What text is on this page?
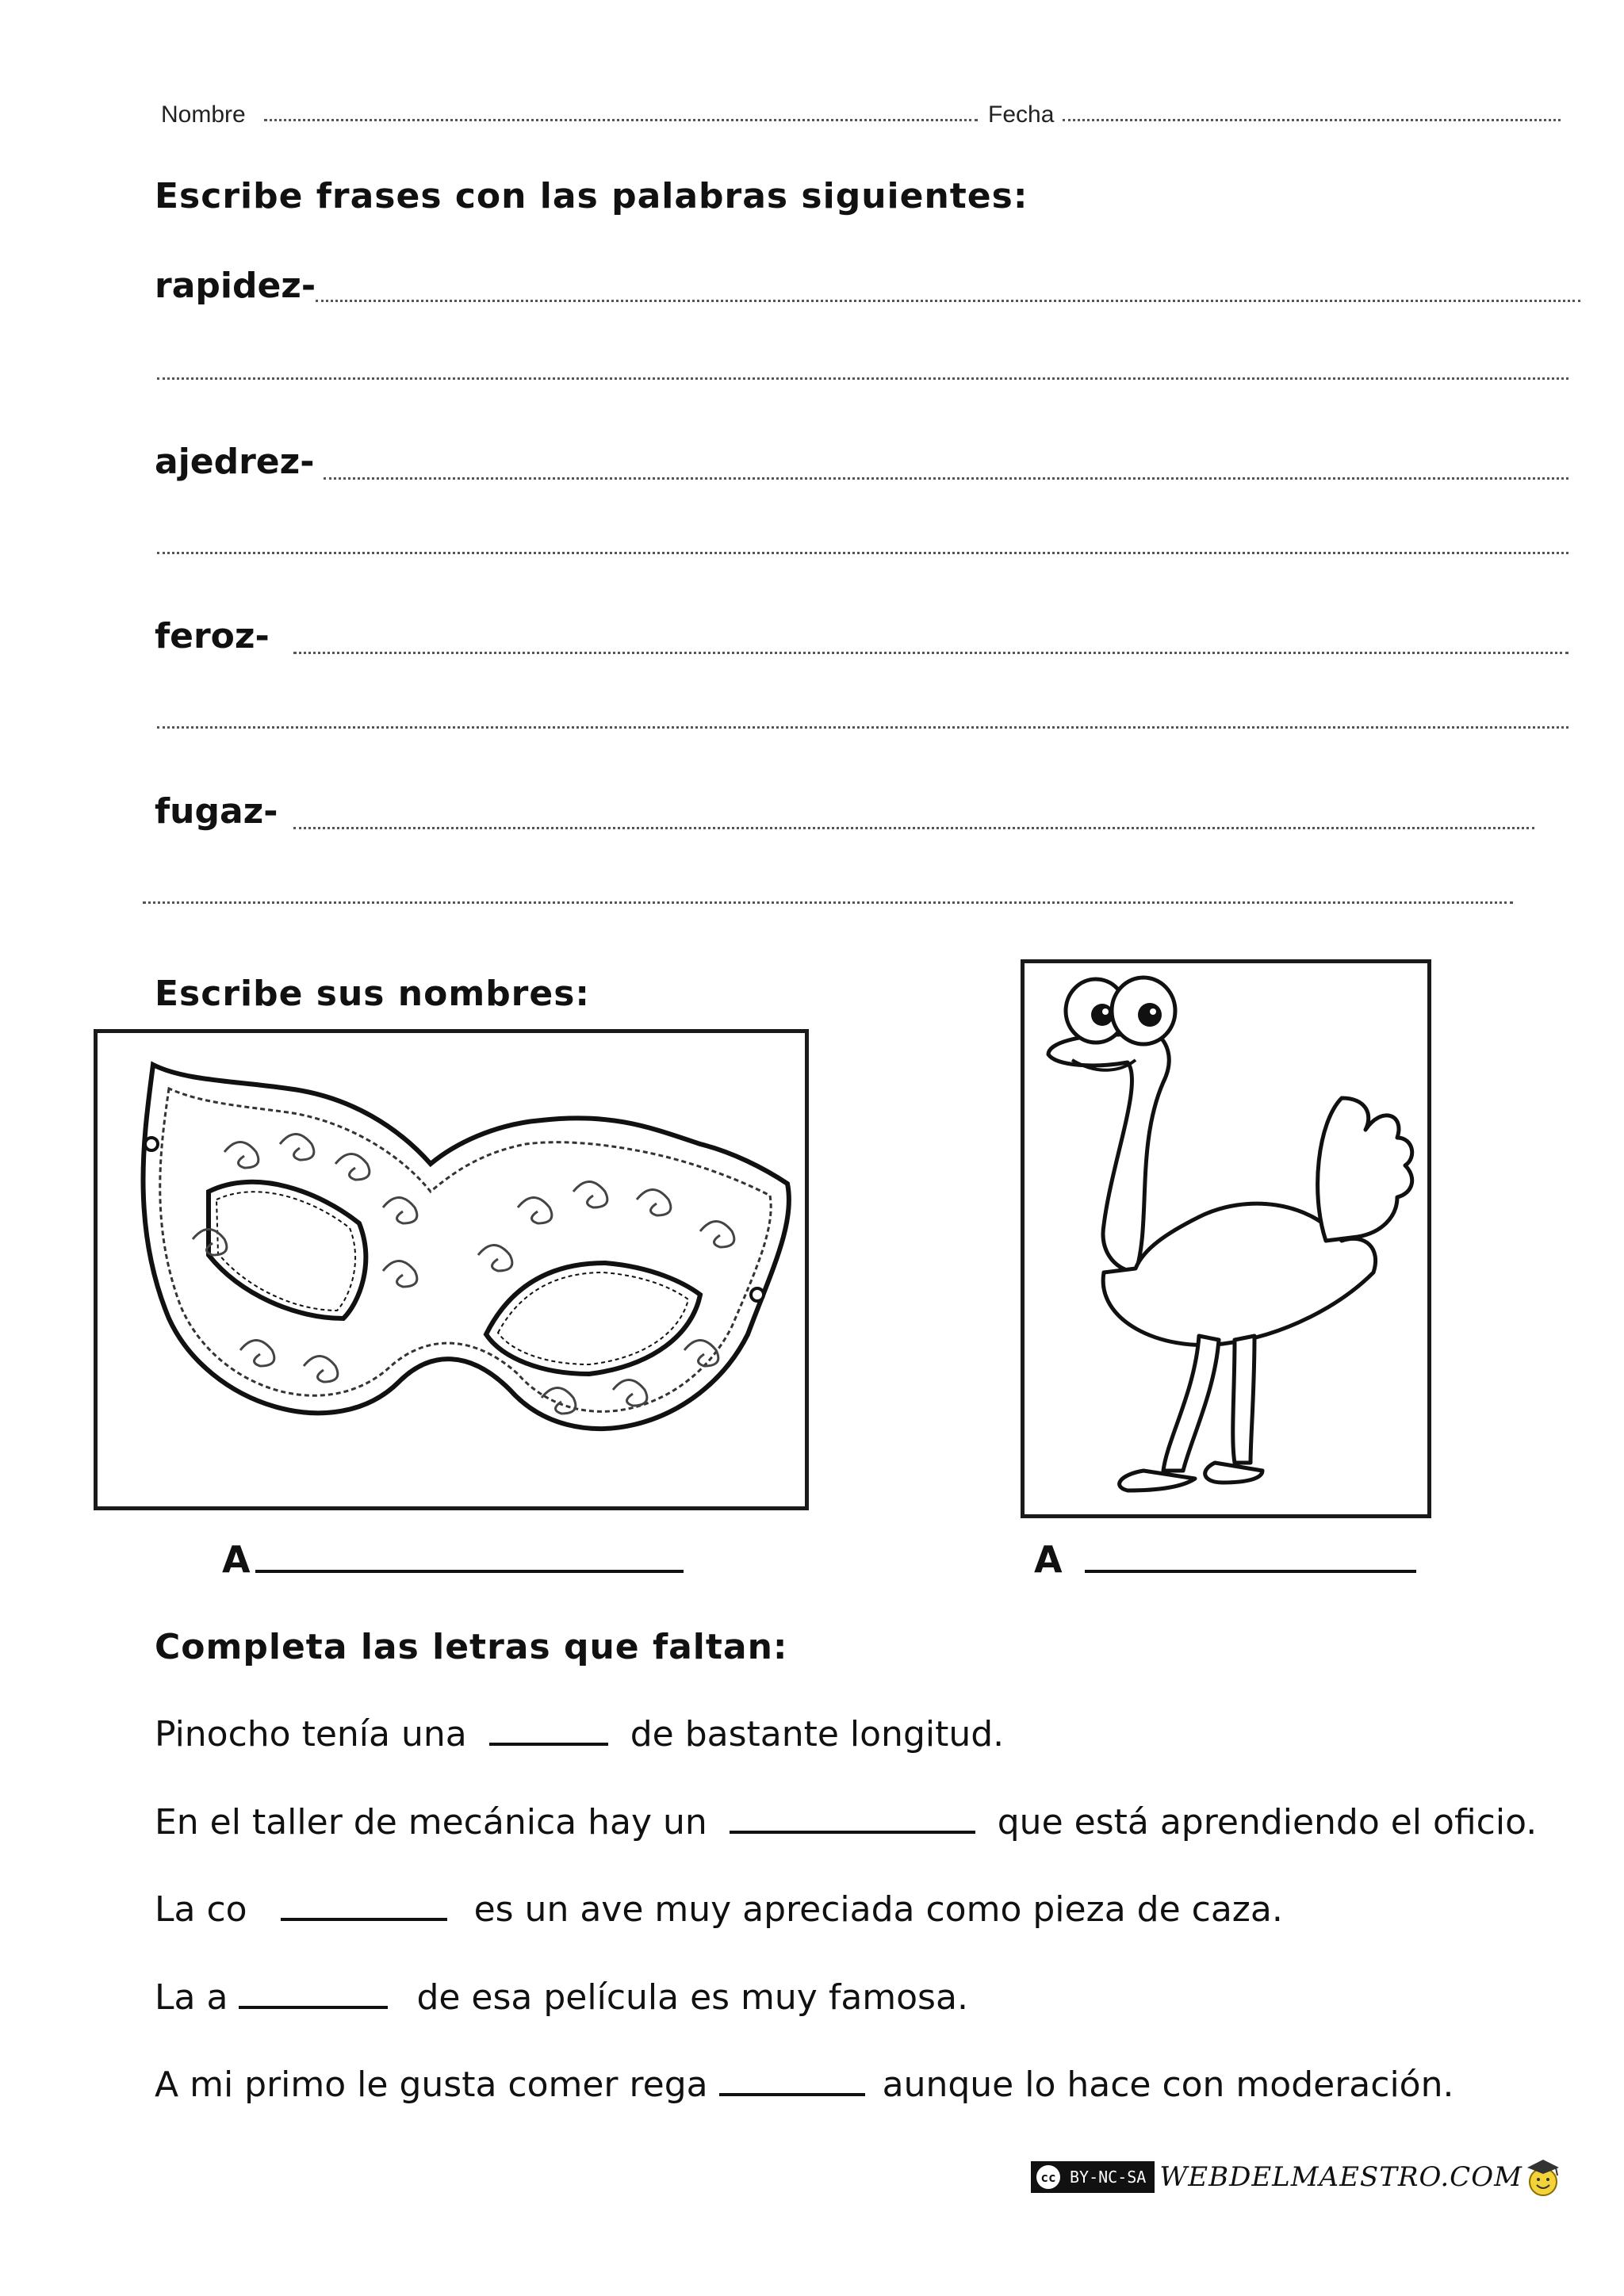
Nombre	Fecha
Escribe frases con las palabras siguientes:
rapidez-
ajedrez-
feroz-
fugaz-
Escribe sus nombres:
A	A
Completa las letras que faltan:
Pinocho tenía una	de bastante longitud.
En el taller de mecánica hay un	que está aprendiendo el oficio.
La co	es un ave muy apreciada como pieza de caza.
La a	de esa película es muy famosa.
A mi primo le gusta comer rega	aunque lo hace con moderación.
cc BY-NC-SA WEBDELMAESTRO.COM
